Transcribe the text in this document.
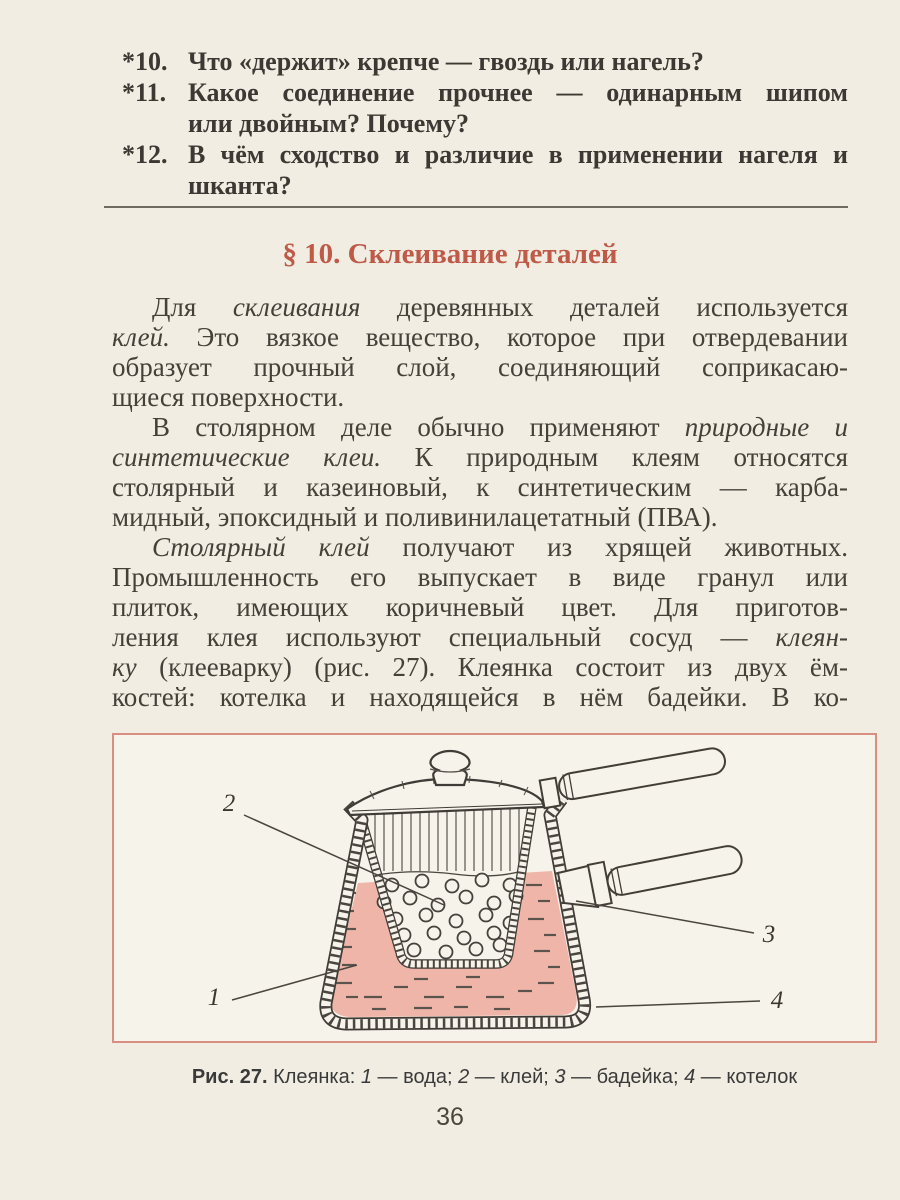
*10. Что «держит» крепче — гвоздь или нагель?
*11. Какое соединение прочнее — одинарным шипом
или двойным? Почему?
*12. В чём сходство и различие в применении нагеля и
шканта?
§ 10. Склеивание деталей
Для склеивания деревянных деталей используется
клей. Это вязкое вещество, которое при отвердевании
образует прочный слой, соединяющий соприкасаю-
щиеся поверхности.
В столярном деле обычно применяют природные и
синтетические клеи. К природным клеям относятся
столярный и казеиновый, к синтетическим — карба-
мидный, эпоксидный и поливинилацетатный (ПВА).
Столярный клей получают из хрящей животных.
Промышленность его выпускает в виде гранул или
плиток, имеющих коричневый цвет. Для приготов-
ления клея используют специальный сосуд — клеян-
ку (клееварку) (рис. 27). Клеянка состоит из двух ём-
костей: котелка и находящейся в нём бадейки. В ко-
2
1
3
4
Рис. 27. Клеянка: 1 — вода; 2 — клей; 3 — бадейка; 4 — котелок
36
